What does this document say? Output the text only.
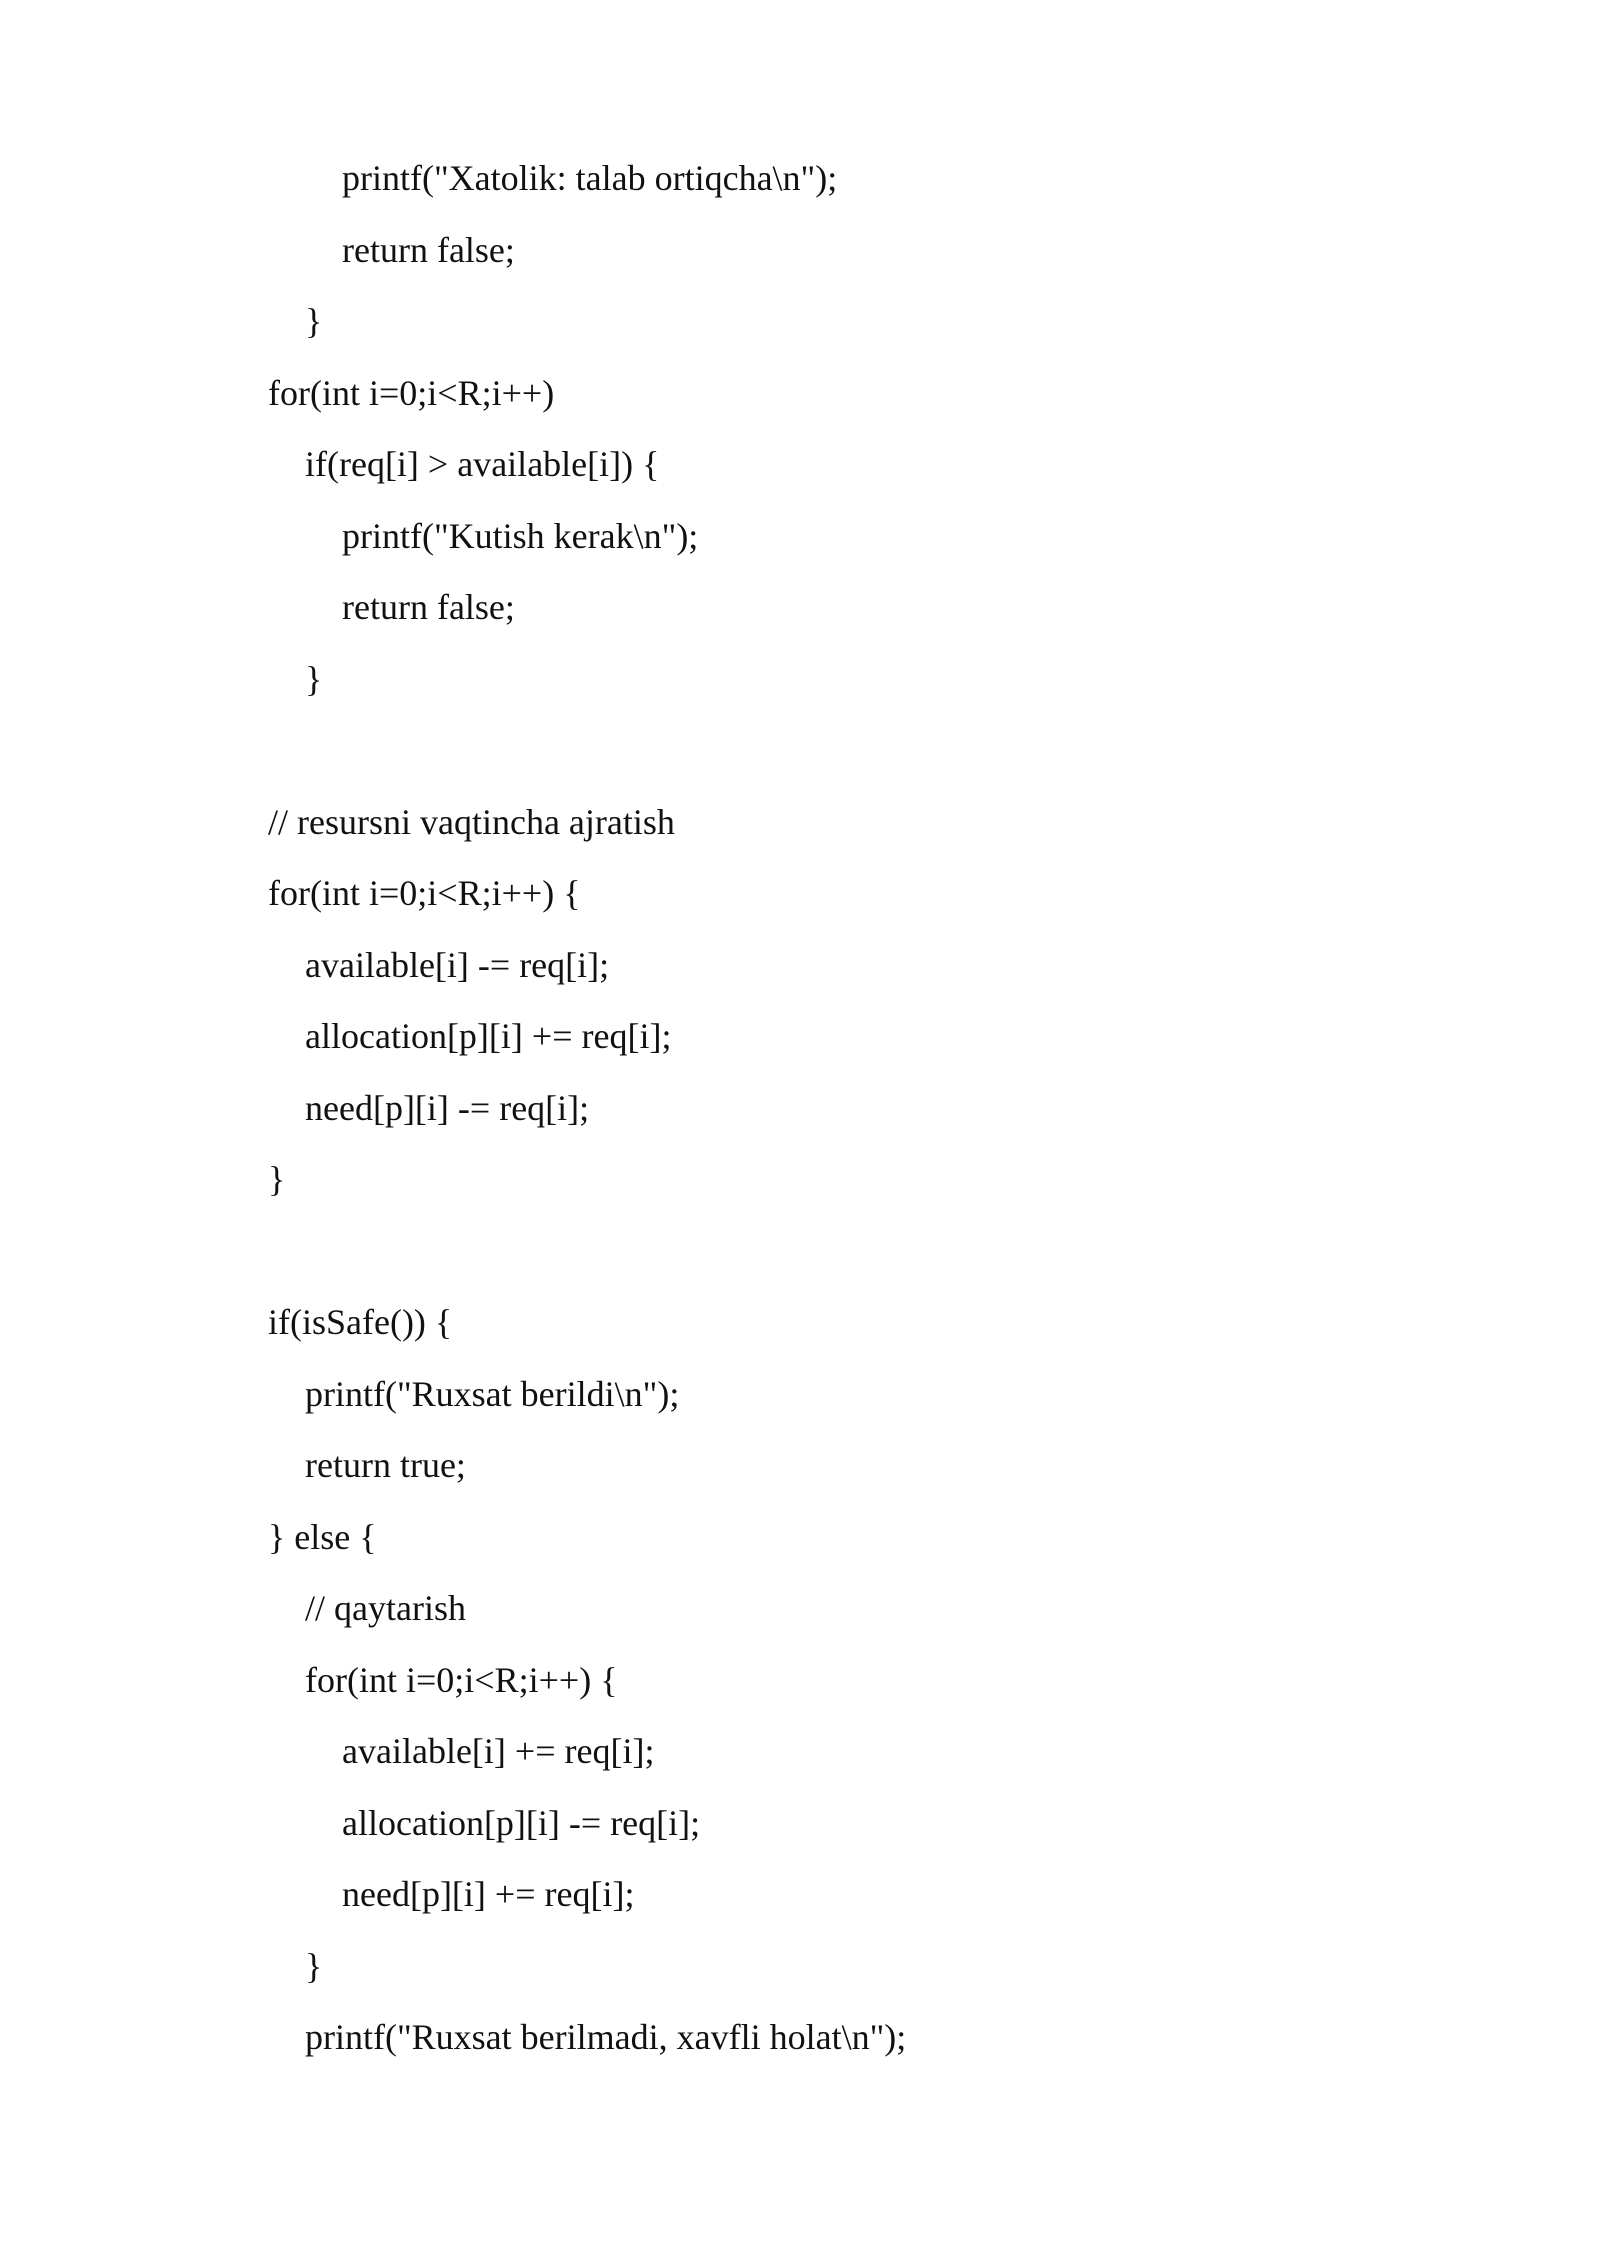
printf("Xatolik: talab ortiqcha\n");
return false;
}
for(int i=0;i<R;i++)
if(req[i] > available[i]) {
printf("Kutish kerak\n");
return false;
}
// resursni vaqtincha ajratish
for(int i=0;i<R;i++) {
available[i] -= req[i];
allocation[p][i] += req[i];
need[p][i] -= req[i];
}
if(isSafe()) {
printf("Ruxsat berildi\n");
return true;
} else {
// qaytarish
for(int i=0;i<R;i++) {
available[i] += req[i];
allocation[p][i] -= req[i];
need[p][i] += req[i];
}
printf("Ruxsat berilmadi, xavfli holat\n");
